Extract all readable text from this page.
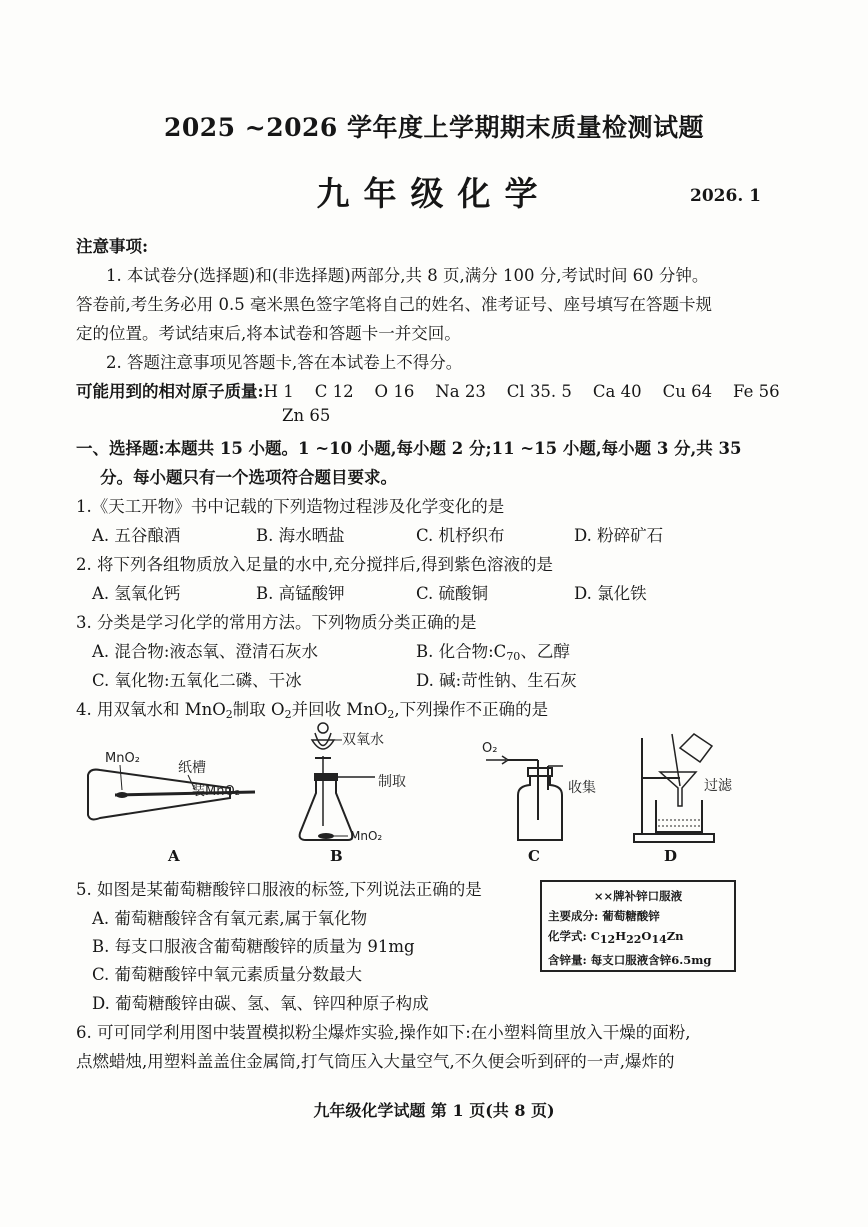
2025 ~2026 学年度上学期期末质量检测试题
九年级化学	2026. 1
注意事项:
1. 本试卷分(选择题)和(非选择题)两部分,共 8 页,满分 100 分,考试时间 60 分钟。
答卷前,考生务必用 0.5 毫米黑色签字笔将自己的姓名、准考证号、座号填写在答题卡规
定的位置。考试结束后,将本试卷和答题卡一并交回。
2. 答题注意事项见答题卡,答在本试卷上不得分。
可能用到的相对原子质量:H 1    C 12    O 16    Na 23    Cl 35. 5    Ca 40    Cu 64    Fe 56
Zn 65
一、选择题:本题共 15 小题。1 ~10 小题,每小题 2 分;11 ~15 小题,每小题 3 分,共 35
分。每小题只有一个选项符合题目要求。
1.《天工开物》书中记载的下列造物过程涉及化学变化的是
A. 五谷酿酒	B. 海水晒盐	C. 机杼织布	D. 粉碎矿石
2. 将下列各组物质放入足量的水中,充分搅拌后,得到紫色溶液的是
A. 氢氧化钙	B. 高锰酸钾	C. 硫酸铜	D. 氯化铁
3. 分类是学习化学的常用方法。下列物质分类正确的是
A. 混合物:液态氧、澄清石灰水	B. 化合物$:C_{70}$、乙醇
C. 氧化物:五氧化二磷、干冰	D. 碱:苛性钠、生石灰
4. 用双氧水和 MnO$_2$制取 $O_2$并回收 MnO$_2$,下列操作不正确的是
MnO₂
纸槽
装MnO₂
A
双氧水
制取
MnO₂
B
O₂
收集
C
过滤
D
5. 如图是某葡萄糖酸锌口服液的标签,下列说法正确的是
A. 葡萄糖酸锌含有氧元素,属于氧化物
B. 每支口服液含葡萄糖酸锌的质量为 91mg
C. 葡萄糖酸锌中氧元素质量分数最大
D. 葡萄糖酸锌由碳、氢、氧、锌四种原子构成
××牌补锌口服液
主要成分: 葡萄糖酸锌
化学式: C12H22O14Zn
含锌量: 每支口服液含锌6.5mg
6. 可可同学利用图中装置模拟粉尘爆炸实验,操作如下:在小塑料筒里放入干燥的面粉,
点燃蜡烛,用塑料盖盖住金属筒,打气筒压入大量空气,不久便会听到砰的一声,爆炸的
九年级化学试题 第 1 页(共 8 页)
